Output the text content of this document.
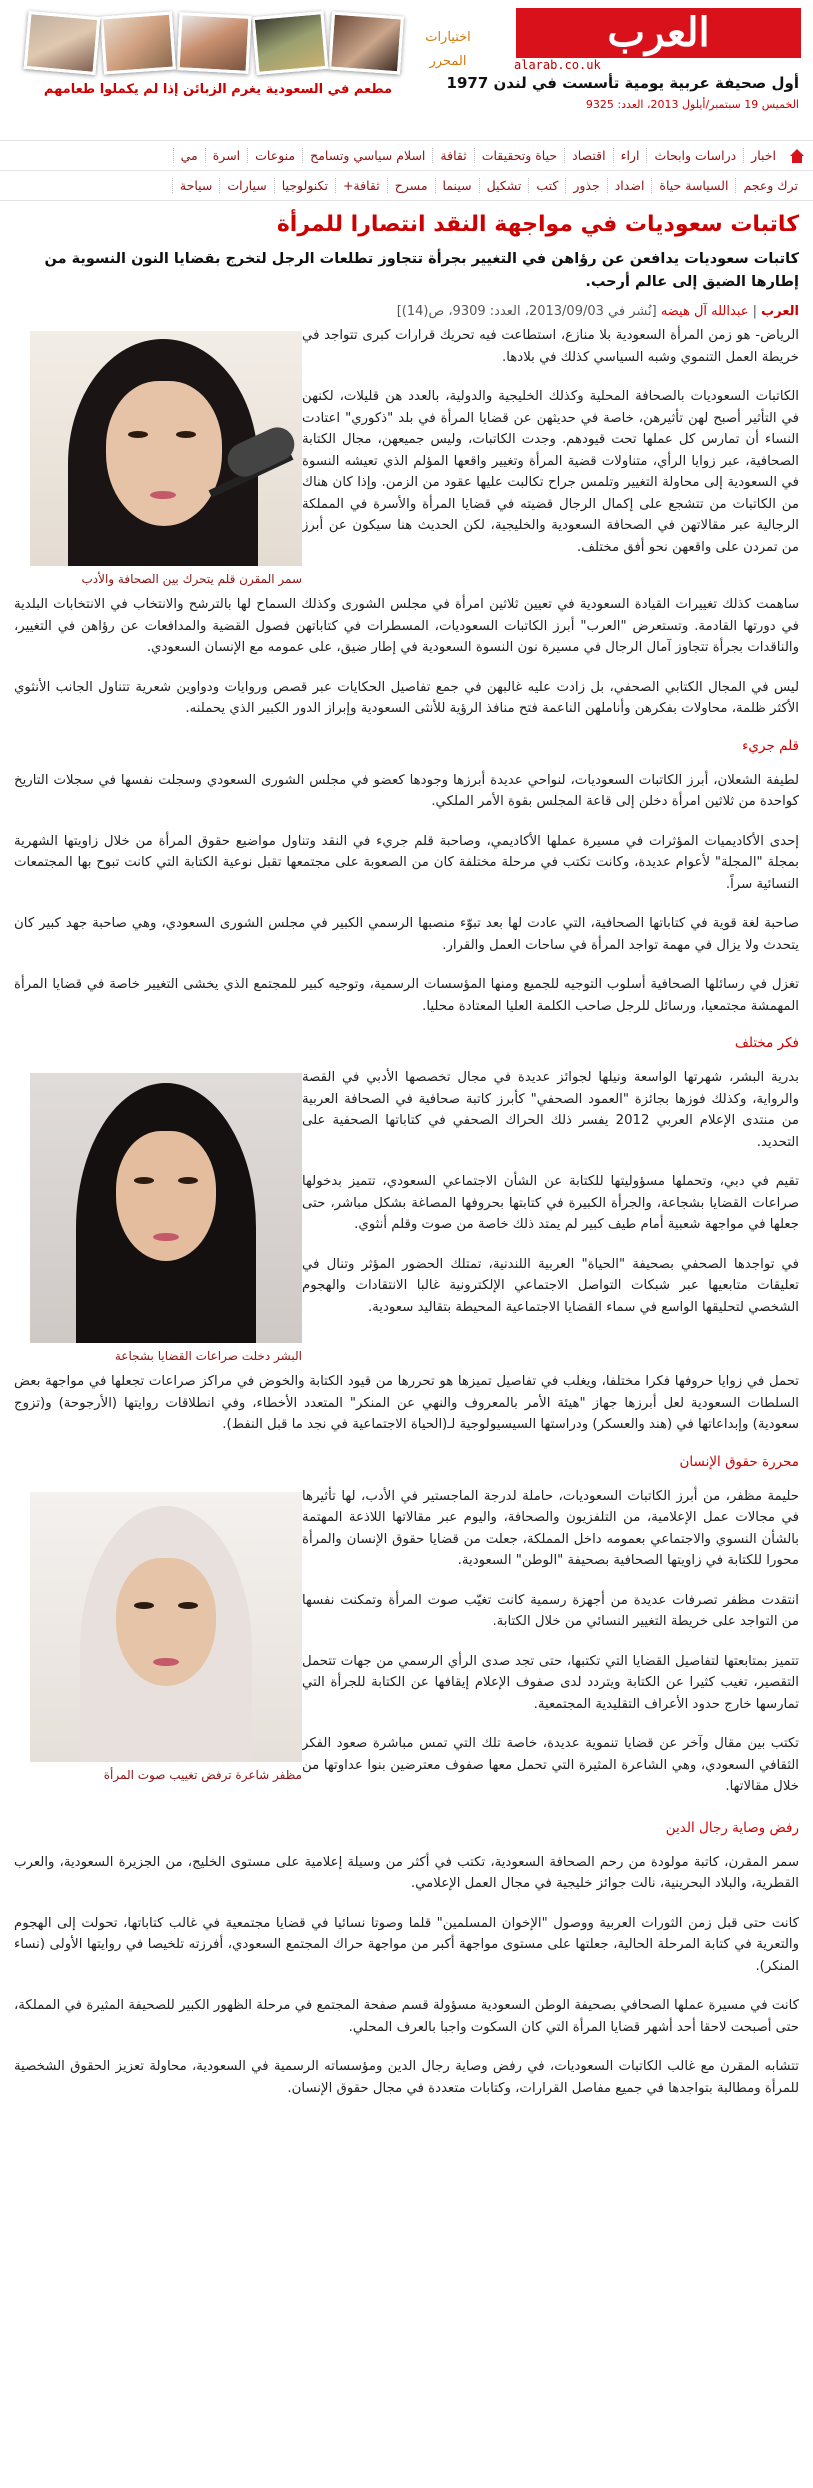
العرب
alarab.co.uk
أول صحيفة عربية يومية تأسست في لندن 1977
الخميس 19 سبتمبر/أيلول 2013، العدد: 9325
اختيارات المحرر
مطعم في السعودية يغرم الزبائن إذا لم يكملوا طعامهم
اخبار
دراسات وابحاث
اراء
اقتصاد
حياة وتحقيقات
ثقافة
اسلام سياسي وتسامح
منوعات
اسرة
مي
ترك وعجم
السياسة حياة
اضداد
جذور
كتب
تشكيل
سينما
مسرح
ثقافة+
تكنولوجيا
سيارات
سياحة
كاتبات سعوديات في مواجهة النقد انتصارا للمرأة
كاتبات سعوديات يدافعن عن رؤاهن في التغيير بجرأة تتجاوز تطلعات الرجل لتخرج بقضايا النون النسوية من إطارها الضيق إلى عالم أرحب.
العرب | عبدالله آل هيضه [نُشر في 2013/09/03، العدد: 9309، ص(14)]
سمر المقرن قلم يتحرك بين الصحافة والأدب

الرياض- هو زمن المرأة السعودية بلا منازع، استطاعت فيه تحريك قرارات كبرى تتواجد في خريطة العمل التنموي وشبه السياسي كذلك في بلادها.

الكاتبات السعوديات بالصحافة المحلية وكذلك الخليجية والدولية، بالعدد هن قليلات، لكنهن في التأثير أصبح لهن تأثيرهن، خاصة في حديثهن عن قضايا المرأة في بلد "ذكوري" اعتادت النساء أن تمارس كل عملها تحت قيودهم. وجدت الكاتبات، وليس جميعهن، مجال الكتابة الصحافية، عبر زوايا الرأي، متناولات قضية المرأة وتغيير واقعها المؤلم الذي تعيشه النسوة في السعودية إلى محاولة التغيير وتلمس جراح تكالبت عليها عقود من الزمن. وإذا كان هناك من الكاتبات من تتشجع على إكمال الرجال قضيته في قضايا المرأة والأسرة في المملكة الرجالية عبر مقالاتهن في الصحافة السعودية والخليجية، لكن الحديث هنا سيكون عن أبرز من تمردن على واقعهن نحو أفق مختلف.

ساهمت كذلك تغييرات القيادة السعودية في تعيين ثلاثين امرأة في مجلس الشورى وكذلك السماح لها بالترشح والانتخاب في الانتخابات البلدية في دورتها القادمة. وتستعرض "العرب" أبرز الكاتبات السعوديات، المسطرات في كتاباتهن فصول القضية والمدافعات عن رؤاهن في التغيير، والناقدات بجرأة تتجاوز آمال الرجال في مسيرة نون النسوة السعودية في إطار ضيق، على عمومه مع الإنسان السعودي.

ليس في المجال الكتابي الصحفي، بل زادت عليه غالبهن في جمع تفاصيل الحكايات عبر قصص وروايات ودواوين شعرية تتناول الجانب الأنثوي الأكثر ظلمة، محاولات بفكرهن وأناملهن الناعمة فتح منافذ الرؤية للأنثى السعودية وإبراز الدور الكبير الذي يحملنه.

قلم جريء

لطيفة الشعلان، أبرز الكاتبات السعوديات، لنواحي عديدة أبرزها وجودها كعضو في مجلس الشورى السعودي وسجلت نفسها في سجلات التاريخ كواحدة من ثلاثين امرأة دخلن إلى قاعة المجلس بقوة الأمر الملكي.

إحدى الأكاديميات المؤثرات في مسيرة عملها الأكاديمي، وصاحبة قلم جريء في النقد وتناول مواضيع حقوق المرأة من خلال زاويتها الشهرية بمجلة "المجلة" لأعوام عديدة، وكانت تكتب في مرحلة مختلفة كان من الصعوبة على مجتمعها تقبل نوعية الكتابة التي كانت تبوح بها المجتمعات النسائية سراً.

صاحبة لغة قوية في كتاباتها الصحافية، التي عادت لها بعد تبوّء منصبها الرسمي الكبير في مجلس الشورى السعودي، وهي صاحبة جهد كبير كان يتحدث ولا يزال في مهمة تواجد المرأة في ساحات العمل والقرار.

تغزل في رسائلها الصحافية أسلوب التوجيه للجميع ومنها المؤسسات الرسمية، وتوجيه كبير للمجتمع الذي يخشى التغيير خاصة في قضايا المرأة المهمشة مجتمعيا، ورسائل للرجل صاحب الكلمة العليا المعتادة محليا.

فكر مختلف
البشر دخلت صراعات القضايا بشجاعة

بدرية البشر، شهرتها الواسعة ونيلها لجوائز عديدة في مجال تخصصها الأدبي في القصة والرواية، وكذلك فوزها بجائزة "العمود الصحفي" كأبرز كاتبة صحافية في الصحافة العربية من منتدى الإعلام العربي 2012 يفسر ذلك الحراك الصحفي في كتاباتها الصحفية على التحديد.

تقيم في دبي، وتحملها مسؤوليتها للكتابة عن الشأن الاجتماعي السعودي، تتميز بدخولها صراعات القضايا بشجاعة، والجرأة الكبيرة في كتابتها بحروفها المصاغة بشكل مباشر، حتى جعلها في مواجهة شعبية أمام طيف كبير لم يمتد ذلك خاصة من صوت وقلم أنثوي.

في تواجدها الصحفي بصحيفة "الحياة" العربية اللندنية، تمتلك الحضور المؤثر وتنال في تعليقات متابعيها عبر شبكات التواصل الاجتماعي الإلكترونية غالبا الانتقادات والهجوم الشخصي لتحليقها الواسع في سماء القضايا الاجتماعية المحيطة بتقاليد سعودية.

تحمل في زوايا حروفها فكرا مختلفا، ويغلب في تفاصيل تميزها هو تحررها من قيود الكتابة والخوض في مراكز صراعات تجعلها في مواجهة بعض السلطات السعودية لعل أبرزها جهاز "هيئة الأمر بالمعروف والنهي عن المنكر" المتعدد الأخطاء، وفي انطلاقات روايتها (الأرجوحة) و(تزوج سعودية) وإبداعاتها في (هند والعسكر) ودراستها السيسيولوجية لـ(الحياة الاجتماعية في نجد ما قبل النفط).

محررة حقوق الإنسان
مظفر شاعرة ترفض تغييب صوت المرأة

حليمة مظفر، من أبرز الكاتبات السعوديات، حاملة لدرجة الماجستير في الأدب، لها تأثيرها في مجالات عمل الإعلامية، من التلفزيون والصحافة، واليوم عبر مقالاتها اللاذعة المهتمة بالشأن النسوي والاجتماعي بعمومه داخل المملكة، جعلت من قضايا حقوق الإنسان والمرأة محورا للكتابة في زاويتها الصحافية بصحيفة "الوطن" السعودية.

انتقدت مظفر تصرفات عديدة من أجهزة رسمية كانت تغيّب صوت المرأة وتمكنت نفسها من التواجد على خريطة التغيير النسائي من خلال الكتابة.

تتميز بمتابعتها لتفاصيل القضايا التي تكتبها، حتى تجد صدى الرأي الرسمي من جهات تتحمل التقصير، تغيب كثيرا عن الكتابة ويتردد لدى صفوف الإعلام إيقافها عن الكتابة للجرأة التي تمارسها خارج حدود الأعراف التقليدية المجتمعية.

تكتب بين مقال وآخر عن قضايا تنموية عديدة، خاصة تلك التي تمس مباشرة صعود الفكر الثقافي السعودي، وهي الشاعرة المثيرة التي تحمل معها صفوف معترضين بنوا عداوتها من خلال مقالاتها.

رفض وصاية رجال الدين

سمر المقرن، كاتبة مولودة من رحم الصحافة السعودية، تكتب في أكثر من وسيلة إعلامية على مستوى الخليج، من الجزيرة السعودية، والعرب القطرية، والبلاد البحرينية، نالت جوائز خليجية في مجال العمل الإعلامي.

كانت حتى قبل زمن الثورات العربية ووصول "الإخوان المسلمين" قلما وصوتا نسائيا في قضايا مجتمعية في غالب كتاباتها، تحولت إلى الهجوم والتعرية في كتابة المرحلة الحالية، جعلتها على مستوى مواجهة أكبر من مواجهة حراك المجتمع السعودي، أفرزته تلخيصا في روايتها الأولى (نساء المنكر).

كانت في مسيرة عملها الصحافي بصحيفة الوطن السعودية مسؤولة قسم صفحة المجتمع في مرحلة الظهور الكبير للصحيفة المثيرة في المملكة، حتى أصبحت لاحقا أحد أشهر قضايا المرأة التي كان السكوت واجبا بالعرف المحلي.

تتشابه المقرن مع غالب الكاتبات السعوديات، في رفض وصاية رجال الدين ومؤسساته الرسمية في السعودية، محاولة تعزيز الحقوق الشخصية للمرأة ومطالبة بتواجدها في جميع مفاصل القرارات، وكتابات متعددة في مجال حقوق الإنسان.
